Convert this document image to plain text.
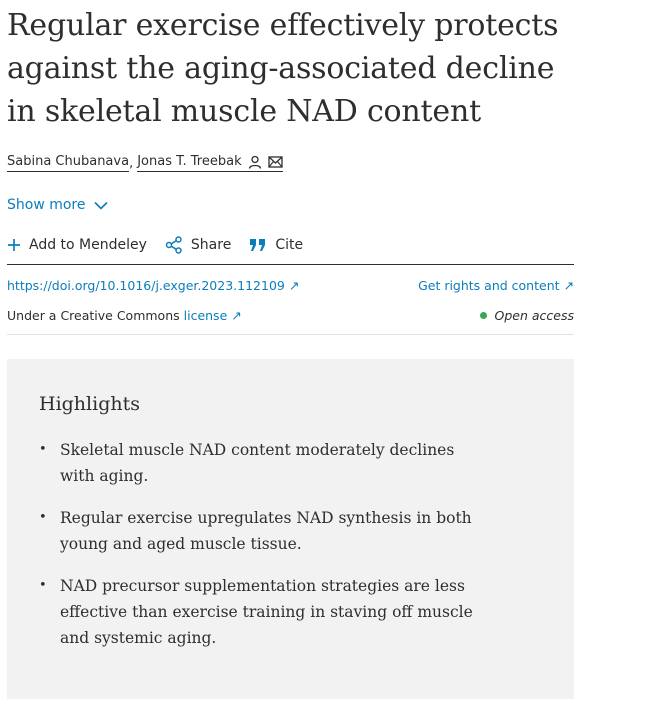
Regular exercise effectively protects against the aging-associated decline in skeletal muscle NAD content
Sabina Chubanava , Jonas T. Treebak
Show more
Add to Mendeley	Share	Cite
https://doi.org/10.1016/j.exger.2023.112109 ↗	Get rights and content ↗
Under a Creative Commons license ↗	Open access
Highlights
• Skeletal muscle NAD content moderately declines with aging.
• Regular exercise upregulates NAD synthesis in both young and aged muscle tissue.
• NAD precursor supplementation strategies are less effective than exercise training in staving off muscle and systemic aging.
